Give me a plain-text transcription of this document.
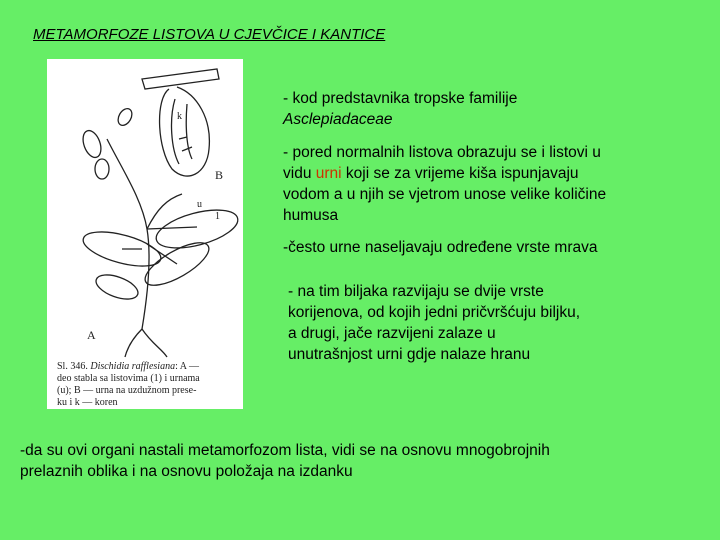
METAMORFOZE LISTOVA U CJEVČICE I KANTICE
A
B
1
u
k
Sl. 346. Dischidia rafflesiana: A —
deo stabla sa listovima (1) i urnama
(u); B — urna na uzdužnom prese-
ku i k — koren
- kod predstavnika tropske familije
Asclepiadaceae
- pored normalnih listova obrazuju se i listovi u
vidu urni koji se za vrijeme kiša ispunjavaju
vodom a u njih se vjetrom unose velike količine
humusa
-često urne naseljavaju određene vrste mrava
- na tim biljaka razvijaju se dvije vrste
korijenova, od kojih jedni pričvršćuju biljku,
a drugi, jače razvijeni zalaze u
unutrašnjost urni gdje nalaze hranu
-da su ovi organi nastali metamorfozom lista, vidi se na osnovu mnogobrojnih
prelaznih oblika i na osnovu položaja na izdanku
